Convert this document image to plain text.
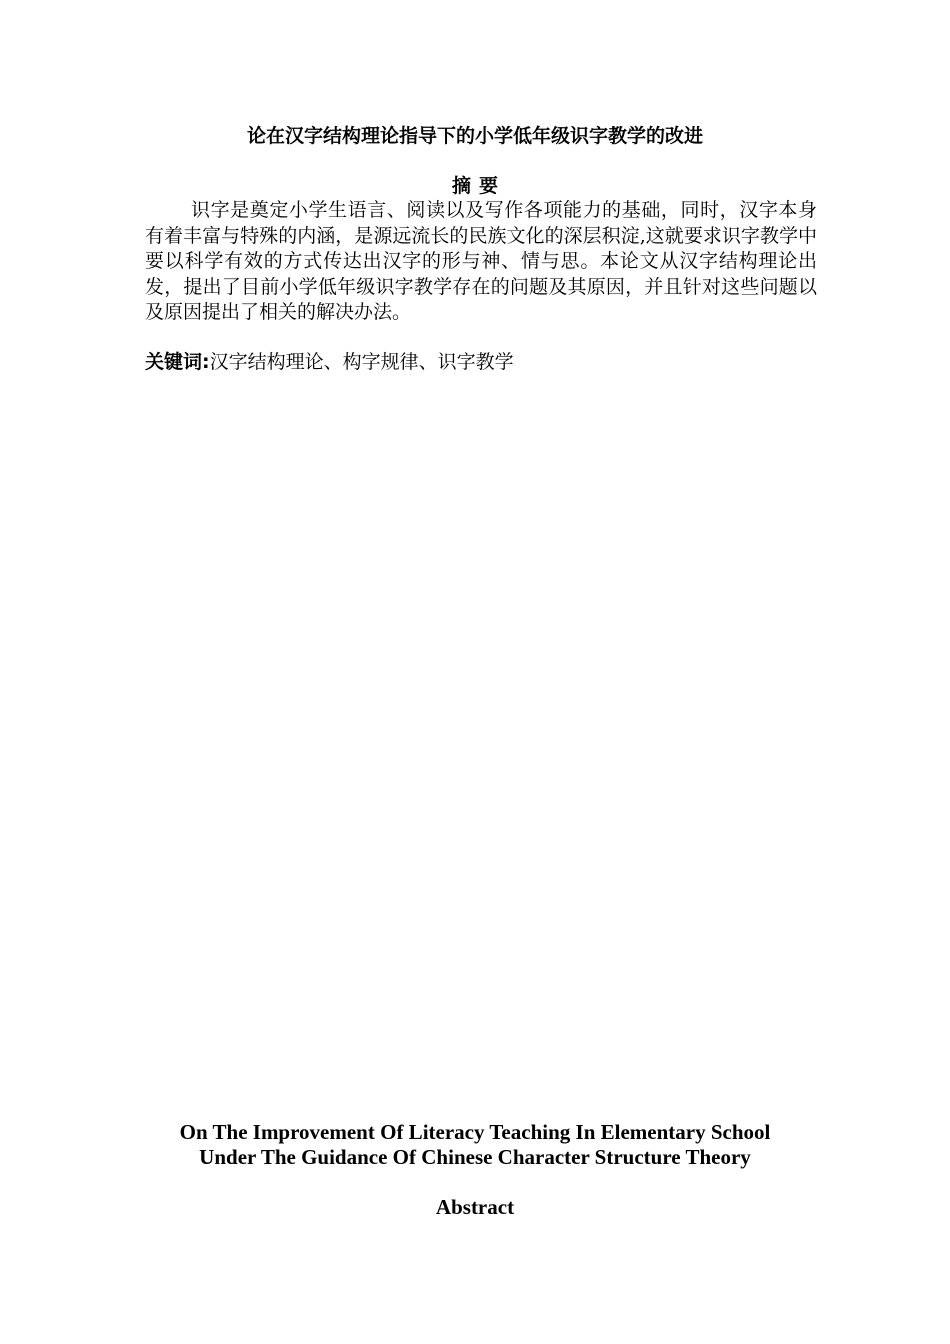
论在汉字结构理论指导下的小学低年级识字教学的改进
摘要

识字是奠定小学生语言、阅读以及写作各项能力的基础，同时，汉字本身有着丰富与特殊的内涵，是源远流长的民族文化的深层积淀,这就要求识字教学中要以科学有效的方式传达出汉字的形与神、情与思。本论文从汉字结构理论出发，提出了目前小学低年级识字教学存在的问题及其原因，并且针对这些问题以及原因提出了相关的解决办法。

关键词:汉字结构理论、构字规律、识字教学

On The Improvement Of Literacy Teaching In Elementary School
Under The Guidance Of Chinese Character Structure Theory
Abstract
